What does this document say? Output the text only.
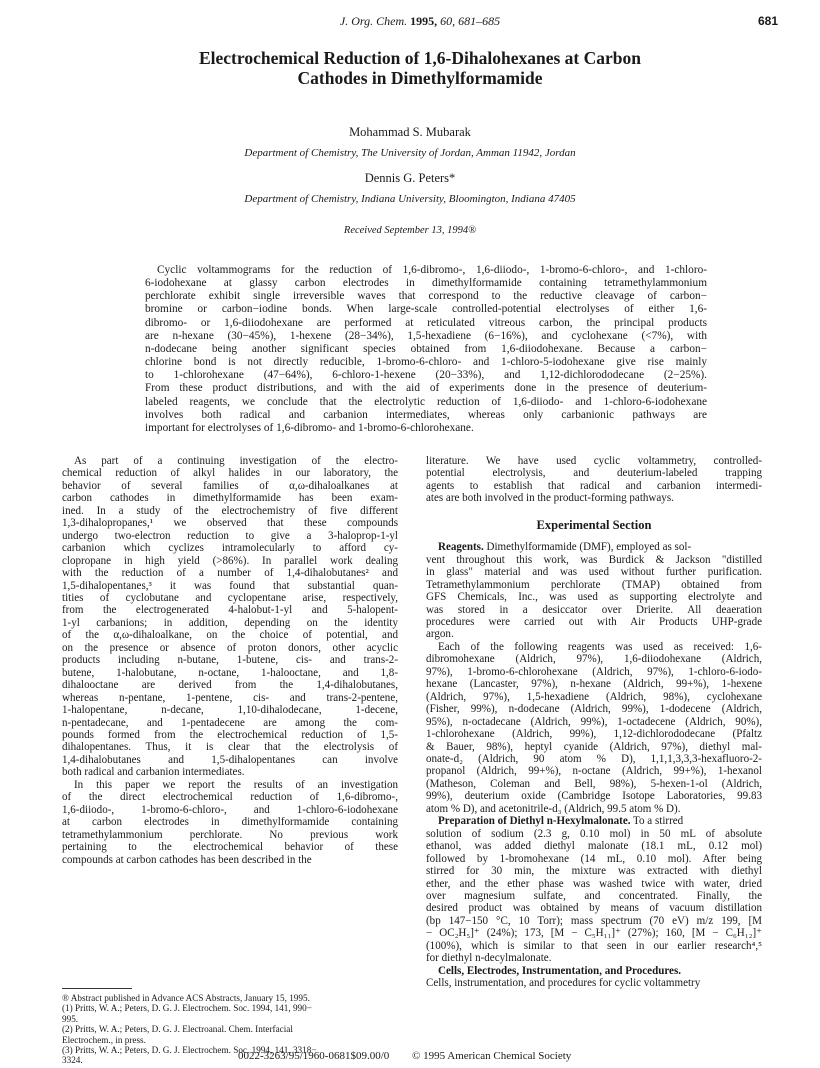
J. Org. Chem. 1995, 60, 681–685	681
Electrochemical Reduction of 1,6-Dihalohexanes at Carbon
Cathodes in Dimethylformamide
Mohammad S. Mubarak
Department of Chemistry, The University of Jordan, Amman 11942, Jordan
Dennis G. Peters*
Department of Chemistry, Indiana University, Bloomington, Indiana 47405
Received September 13, 1994®
Cyclic voltammograms for the reduction of 1,6-dibromo-, 1,6-diiodo-, 1-bromo-6-chloro-, and 1-chloro-
6-iodohexane at glassy carbon electrodes in dimethylformamide containing tetramethylammonium
perchlorate exhibit single irreversible waves that correspond to the reductive cleavage of carbon−
bromine or carbon−iodine bonds. When large-scale controlled-potential electrolyses of either 1,6-
dibromo- or 1,6-diiodohexane are performed at reticulated vitreous carbon, the principal products
are n-hexane (30−45%), 1-hexene (28−34%), 1,5-hexadiene (6−16%), and cyclohexane (<7%), with
n-dodecane being another significant species obtained from 1,6-diiodohexane. Because a carbon−
chlorine bond is not directly reducible, 1-bromo-6-chloro- and 1-chloro-5-iodohexane give rise mainly
to 1-chlorohexane (47−64%), 6-chloro-1-hexene (20−33%), and 1,12-dichlorododecane (2−25%).
From these product distributions, and with the aid of experiments done in the presence of deuterium-
labeled reagents, we conclude that the electrolytic reduction of 1,6-diiodo- and 1-chloro-6-iodohexane
involves both radical and carbanion intermediates, whereas only carbanionic pathways are
important for electrolyses of 1,6-dibromo- and 1-bromo-6-chlorohexane.
As part of a continuing investigation of the electro-
chemical reduction of alkyl halides in our laboratory, the
behavior of several families of α,ω-dihaloalkanes at
carbon cathodes in dimethylformamide has been exam-
ined. In a study of the electrochemistry of five different
1,3-dihalopropanes,¹ we observed that these compounds
undergo two-electron reduction to give a 3-haloprop-1-yl
carbanion which cyclizes intramolecularly to afford cy-
clopropane in high yield (>86%). In parallel work dealing
with the reduction of a number of 1,4-dihalobutanes² and
1,5-dihalopentanes,³ it was found that substantial quan-
tities of cyclobutane and cyclopentane arise, respectively,
from the electrogenerated 4-halobut-1-yl and 5-halopent-
1-yl carbanions; in addition, depending on the identity
of the α,ω-dihaloalkane, on the choice of potential, and
on the presence or absence of proton donors, other acyclic
products including n-butane, 1-butene, cis- and trans-2-
butene, 1-halobutane, n-octane, 1-halooctane, and 1,8-
dihalooctane are derived from the 1,4-dihalobutanes,
whereas n-pentane, 1-pentene, cis- and trans-2-pentene,
1-halopentane, n-decane, 1,10-dihalodecane, 1-decene,
n-pentadecane, and 1-pentadecene are among the com-
pounds formed from the electrochemical reduction of 1,5-
dihalopentanes. Thus, it is clear that the electrolysis of
1,4-dihalobutanes and 1,5-dihalopentanes can involve
both radical and carbanion intermediates.
In this paper we report the results of an investigation
of the direct electrochemical reduction of 1,6-dibromo-,
1,6-diiodo-, 1-bromo-6-chloro-, and 1-chloro-6-iodohexane
at carbon electrodes in dimethylformamide containing
tetramethylammonium perchlorate. No previous work
pertaining to the electrochemical behavior of these
compounds at carbon cathodes has been described in the
literature. We have used cyclic voltammetry, controlled-
potential electrolysis, and deuterium-labeled trapping
agents to establish that radical and carbanion intermedi-
ates are both involved in the product-forming pathways.
Experimental Section
Reagents. Dimethylformamide (DMF), employed as sol-
vent throughout this work, was Burdick & Jackson "distilled
in glass" material and was used without further purification.
Tetramethylammonium perchlorate (TMAP) obtained from
GFS Chemicals, Inc., was used as supporting electrolyte and
was stored in a desiccator over Drierite. All deaeration
procedures were carried out with Air Products UHP-grade
argon.
Each of the following reagents was used as received: 1,6-
dibromohexane (Aldrich, 97%), 1,6-diiodohexane (Aldrich,
97%), 1-bromo-6-chlorohexane (Aldrich, 97%), 1-chloro-6-iodo-
hexane (Lancaster, 97%), n-hexane (Aldrich, 99+%), 1-hexene
(Aldrich, 97%), 1,5-hexadiene (Aldrich, 98%), cyclohexane
(Fisher, 99%), n-dodecane (Aldrich, 99%), 1-dodecene (Aldrich,
95%), n-octadecane (Aldrich, 99%), 1-octadecene (Aldrich, 90%),
1-chlorohexane (Aldrich, 99%), 1,12-dichlorododecane (Pfaltz
& Bauer, 98%), heptyl cyanide (Aldrich, 97%), diethyl mal-
onate-d₂ (Aldrich, 90 atom % D), 1,1,1,3,3,3-hexafluoro-2-
propanol (Aldrich, 99+%), n-octane (Aldrich, 99+%), 1-hexanol
(Matheson, Coleman and Bell, 98%), 5-hexen-1-ol (Aldrich,
99%), deuterium oxide (Cambridge Isotope Laboratories, 99.83
atom % D), and acetonitrile-d₃ (Aldrich, 99.5 atom % D).
Preparation of Diethyl n-Hexylmalonate. To a stirred
solution of sodium (2.3 g, 0.10 mol) in 50 mL of absolute
ethanol, was added diethyl malonate (18.1 mL, 0.12 mol)
followed by 1-bromohexane (14 mL, 0.10 mol). After being
stirred for 30 min, the mixture was extracted with diethyl
ether, and the ether phase was washed twice with water, dried
over magnesium sulfate, and concentrated. Finally, the
desired product was obtained by means of vacuum distillation
(bp 147−150 °C, 10 Torr); mass spectrum (70 eV) m/z 199, [M
− OC₂H₅]⁺ (24%); 173, [M − C₅H₁₁]⁺ (27%); 160, [M − C₆H₁₂]⁺
(100%), which is similar to that seen in our earlier research⁴,⁵
for diethyl n-decylmalonate.
Cells, Electrodes, Instrumentation, and Procedures.
Cells, instrumentation, and procedures for cyclic voltammetry
® Abstract published in Advance ACS Abstracts, January 15, 1995.
(1) Pritts, W. A.; Peters, D. G. J. Electrochem. Soc. 1994, 141, 990−
995.
(2) Pritts, W. A.; Peters, D. G. J. Electroanal. Chem. Interfacial
Electrochem., in press.
(3) Pritts, W. A.; Peters, D. G. J. Electrochem. Soc. 1994, 141, 3318−
3324.	0022-3263/95/1960-0681$09.00/0 © 1995 American Chemical Society
